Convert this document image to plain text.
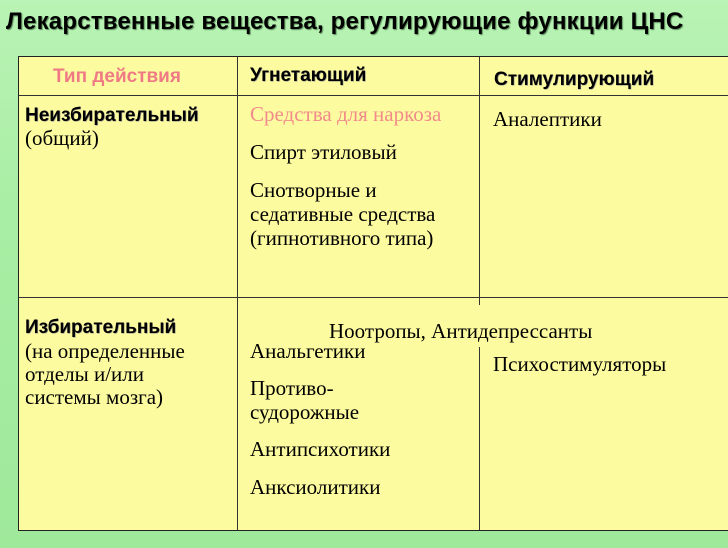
Лекарственные вещества, регулирующие функции ЦНС
Тип действия	Угнетающий	Стимулирующий
Неизбирательный
(общий)
Средства для наркоза
Спирт этиловый
Снотворные и
седативные средства
(гипнотивного типа)
Аналептики
Избирательный
(на определенные
отделы и/или
системы мозга)
Ноотропы, Антидепрессанты
Анальгетики
Противо-
судорожные
Антипсихотики
Анксиолитики
Психостимуляторы
